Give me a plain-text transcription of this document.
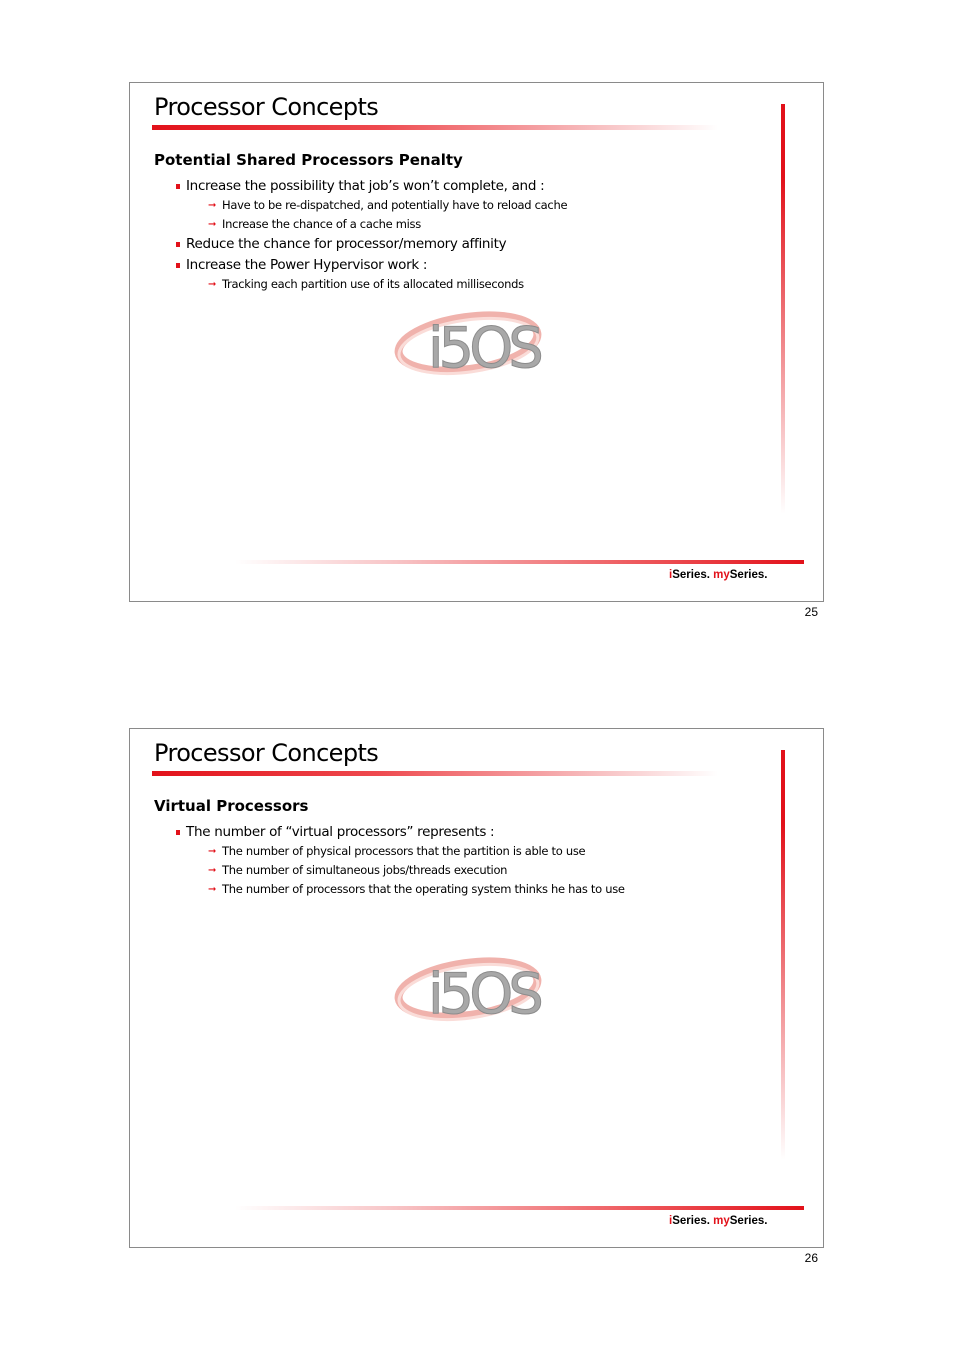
Processor Concepts
Potential Shared Processors Penalty
Increase the possibility that job’s won’t complete, and :
➞ Have to be re-dispatched, and potentially have to reload cache
➞ Increase the chance of a cache miss
Reduce the chance for processor/memory affinity
Increase the Power Hypervisor work :
➞ Tracking each partition use of its allocated milliseconds
i5OS
iSeries. mySeries.
25
Processor Concepts
Virtual Processors
The number of “virtual processors” represents :
➞ The number of physical processors that the partition is able to use
➞ The number of simultaneous jobs/threads execution
➞ The number of processors that the operating system thinks he has to use
i5OS
iSeries. mySeries.
26
